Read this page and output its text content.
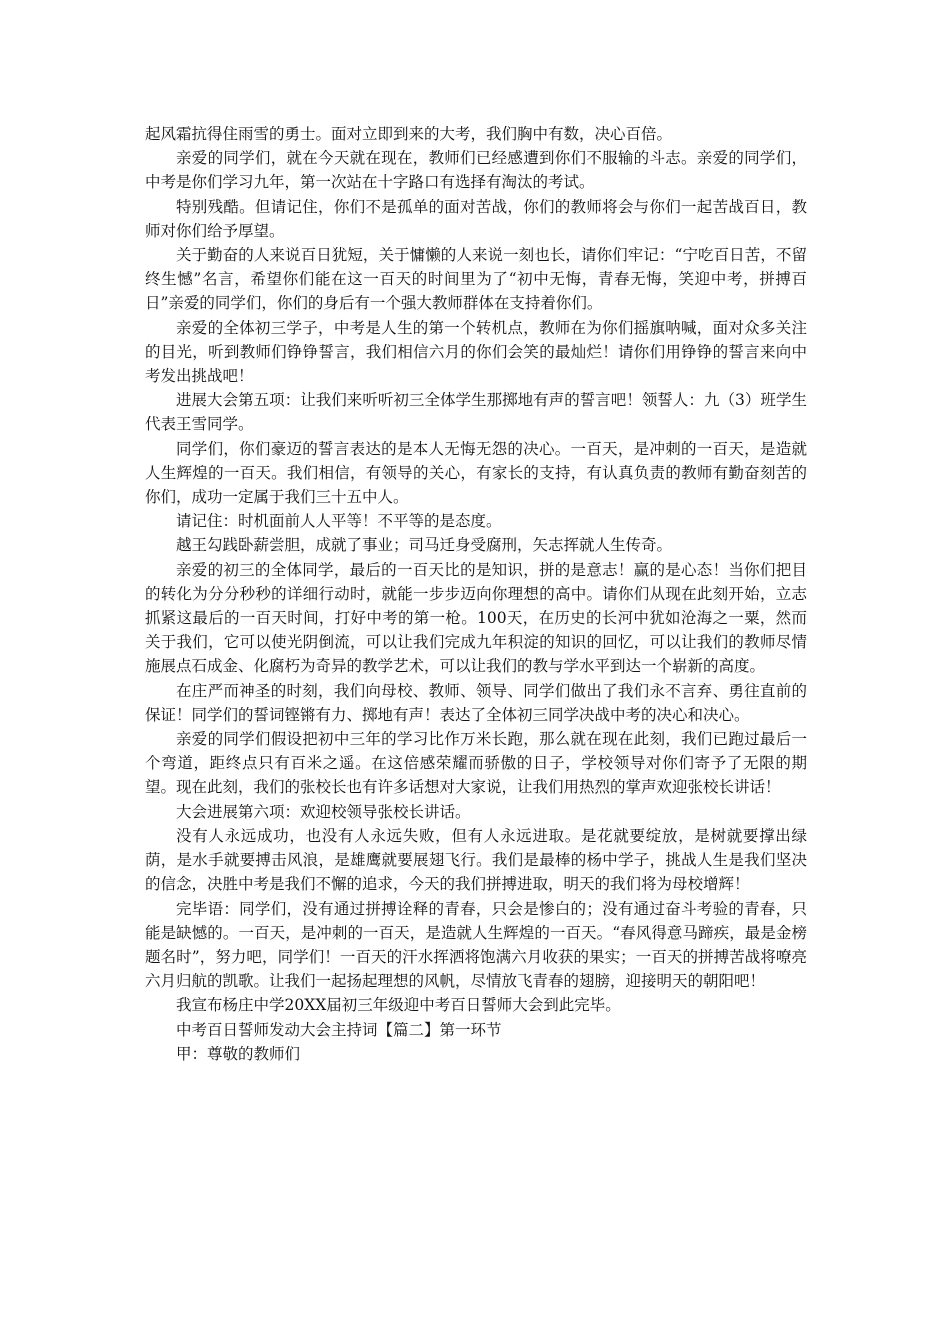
起风霜抗得住雨雪的勇士。面对立即到来的大考，我们胸中有数，决心百倍。

亲爱的同学们，就在今天就在现在，教师们已经感遭到你们不服输的斗志。亲爱的同学们，中考是你们学习九年，第一次站在十字路口有选择有淘汰的考试。

特别残酷。但请记住，你们不是孤单的面对苦战，你们的教师将会与你们一起苦战百日，教师对你们给予厚望。

关于勤奋的人来说百日犹短，关于慵懒的人来说一刻也长，请你们牢记：“宁吃百日苦，不留终生憾”名言，希望你们能在这一百天的时间里为了“初中无悔，青春无悔，笑迎中考，拼搏百日”亲爱的同学们，你们的身后有一个强大教师群体在支持着你们。

亲爱的全体初三学子，中考是人生的第一个转机点，教师在为你们摇旗呐喊，面对众多关注的目光，听到教师们铮铮誓言，我们相信六月的你们会笑的最灿烂！请你们用铮铮的誓言来向中考发出挑战吧！

进展大会第五项：让我们来听听初三全体学生那掷地有声的誓言吧！领誓人：九（3）班学生代表王雪同学。

同学们，你们豪迈的誓言表达的是本人无悔无怨的决心。一百天，是冲刺的一百天，是造就人生辉煌的一百天。我们相信，有领导的关心，有家长的支持，有认真负责的教师有勤奋刻苦的你们，成功一定属于我们三十五中人。

请记住：时机面前人人平等！不平等的是态度。

越王勾践卧薪尝胆，成就了事业；司马迁身受腐刑，矢志挥就人生传奇。

亲爱的初三的全体同学，最后的一百天比的是知识，拼的是意志！赢的是心态！当你们把目的转化为分分秒秒的详细行动时，就能一步步迈向你理想的高中。请你们从现在此刻开始，立志抓紧这最后的一百天时间，打好中考的第一枪。100天，在历史的长河中犹如沧海之一粟，然而关于我们，它可以使光阴倒流，可以让我们完成九年积淀的知识的回忆，可以让我们的教师尽情施展点石成金、化腐朽为奇异的教学艺术，可以让我们的教与学水平到达一个崭新的高度。

在庄严而神圣的时刻，我们向母校、教师、领导、同学们做出了我们永不言弃、勇往直前的保证！同学们的誓词铿锵有力、掷地有声！表达了全体初三同学决战中考的决心和决心。

亲爱的同学们假设把初中三年的学习比作万米长跑，那么就在现在此刻，我们已跑过最后一个弯道，距终点只有百米之遥。在这倍感荣耀而骄傲的日子，学校领导对你们寄予了无限的期望。现在此刻，我们的张校长也有许多话想对大家说，让我们用热烈的掌声欢迎张校长讲话！

大会进展第六项：欢迎校领导张校长讲话。

没有人永远成功，也没有人永远失败，但有人永远进取。是花就要绽放，是树就要撑出绿荫，是水手就要搏击风浪，是雄鹰就要展翅飞行。我们是最棒的杨中学子，挑战人生是我们坚决的信念，决胜中考是我们不懈的追求，今天的我们拼搏进取，明天的我们将为母校增辉！

完毕语：同学们，没有通过拼搏诠释的青春，只会是惨白的；没有通过奋斗考验的青春，只能是缺憾的。一百天，是冲刺的一百天，是造就人生辉煌的一百天。“春风得意马蹄疾，最是金榜题名时”，努力吧，同学们！一百天的汗水挥洒将饱满六月收获的果实；一百天的拼搏苦战将嘹亮六月归航的凯歌。让我们一起扬起理想的风帆，尽情放飞青春的翅膀，迎接明天的朝阳吧！

我宣布杨庄中学20XX届初三年级迎中考百日誓师大会到此完毕。

中考百日誓师发动大会主持词【篇二】第一环节

甲：尊敬的教师们
